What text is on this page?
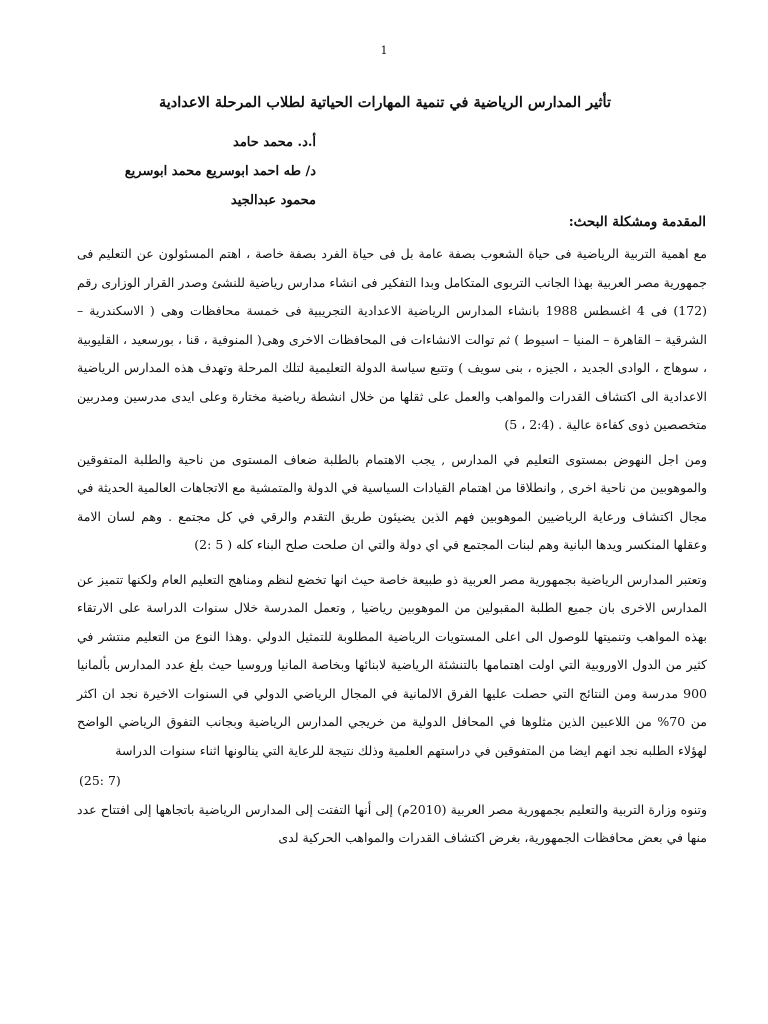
1
تأثير المدارس الرياضية في تنمية المهارات الحياتية لطلاب المرحلة الاعدادية
أ.د. محمد حامد
د/ طه احمد ابوسريع محمد ابوسريع
محمود عبدالجيد
المقدمة ومشكلة البحث:

مع اهمية التربية الرياضية فى حياة الشعوب بصفة عامة بل فى حياة الفرد بصفة خاصة ، اهتم المسئولون عن التعليم فى جمهورية مصر العربية بهذا الجانب التربوى المتكامل وبدا التفكير فى انشاء مدارس رياضية للنشئ وصدر القرار الوزارى رقم (172) فى 4 اغسطس 1988 بانشاء المدارس الرياضية الاعدادية التجريبية فى خمسة محافظات وهى ( الاسكندرية – الشرقية – القاهرة – المنيا – اسيوط ) ثم توالت الانشاءات فى المحافظات الاخرى وهى( المنوفية ، قنا ، بورسعيد ، القليوبية ، سوهاج ، الوادى الجديد ، الجيزه ، بنى سويف ) وتتبع سياسة الدولة التعليمية لتلك المرحلة وتهدف هذه المدارس الرياضية الاعدادية الى اكتشاف القدرات والمواهب والعمل على ثقلها من خلال انشطة رياضية مختارة وعلى ايدى مدرسين ومدربين متخصصين ذوى كفاءة عالية . (2:4 ، 5)

ومن اجل النهوض بمستوى التعليم في المدارس , يجب الاهتمام بالطلبة ضعاف المستوى من ناحية والطلبة المتفوقين والموهوبين من ناحية اخرى , وانطلاقا من اهتمام القيادات السياسية في الدولة والمتمشية مع الاتجاهات العالمية الحديثة في مجال اكتشاف ورعاية الرياضيين الموهوبين فهم الذين يضيئون طريق التقدم والرقي في كل مجتمع . وهم لسان الامة وعقلها المنكسر ويدها البانية وهم لبنات المجتمع في اي دولة والتي ان صلحت صلح البناء كله ( 5 :2)

وتعتبر المدارس الرياضية بجمهورية مصر العربية ذو طبيعة خاصة حيث انها تخضع لنظم ومناهج التعليم العام ولكنها تتميز عن المدارس الاخرى بان جميع الطلبة المقبولين من الموهوبين رياضيا , وتعمل المدرسة خلال سنوات الدراسة على الارتقاء بهذه المواهب وتنميتها للوصول الى اعلى المستويات الرياضية المطلوبة للتمثيل الدولي .وهذا النوع من التعليم منتشر في كثير من الدول الاوروبية التي اولت اهتمامها بالتنشئة الرياضية لابنائها وبخاصة المانيا وروسيا حيث بلغ عدد المدارس بألمانيا 900 مدرسة ومن النتائج التي حصلت عليها الفرق الالمانية في المجال الرياضي الدولي في السنوات الاخيرة نجد ان اكثر من 70% من اللاعبين الذين مثلوها في المحافل الدولية من خريجي المدارس الرياضية وبجانب التفوق الرياضي الواضح لهؤلاء الطلبه نجد انهم ايضا من المتفوقين في دراستهم العلمية وذلك نتيجة للرعاية التي ينالونها اثناء سنوات الدراسة

(25: 7)

وتنوه وزارة التربية والتعليم بجمهورية مصر العربية (2010م) إلى أنها التفتت إلى المدارس الرياضية باتجاهها إلى افتتاح عدد منها في بعض محافظات الجمهورية، بغرض اكتشاف القدرات والمواهب الحركية لدى
